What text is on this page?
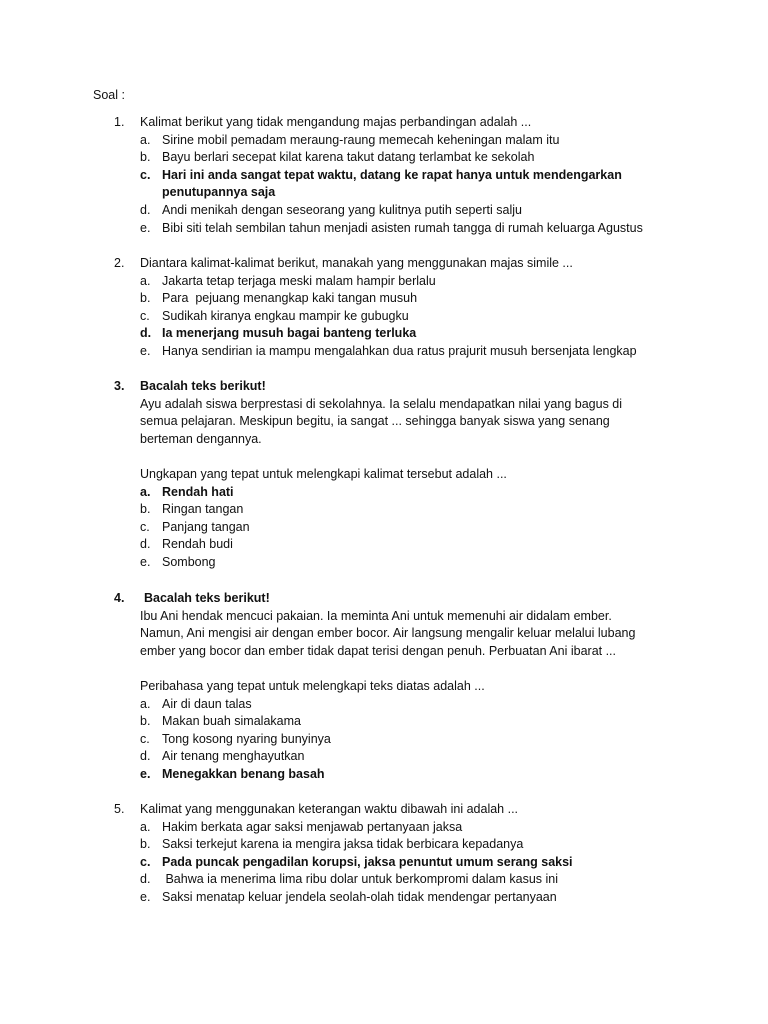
Soal :
1.	Kalimat berikut yang tidak mengandung majas perbandingan adalah ...
a. Sirine mobil pemadam meraung-raung memecah keheningan malam itu
b. Bayu berlari secepat kilat karena takut datang terlambat ke sekolah
c. Hari ini anda sangat tepat waktu, datang ke rapat hanya untuk mendengarkan penutupannya saja
d. Andi menikah dengan seseorang yang kulitnya putih seperti salju
e. Bibi siti telah sembilan tahun menjadi asisten rumah tangga di rumah keluarga Agustus
2.	Diantara kalimat-kalimat berikut, manakah yang menggunakan majas simile ...
a. Jakarta tetap terjaga meski malam hampir berlalu
b. Para  pejuang menangkap kaki tangan musuh
c. Sudikah kiranya engkau mampir ke gubugku
d. Ia menerjang musuh bagai banteng terluka
e. Hanya sendirian ia mampu mengalahkan dua ratus prajurit musuh bersenjata lengkap
3.	Bacalah teks berikut!
Ayu adalah siswa berprestasi di sekolahnya. Ia selalu mendapatkan nilai yang bagus di semua pelajaran. Meskipun begitu, ia sangat ... sehingga banyak siswa yang senang berteman dengannya.
Ungkapan yang tepat untuk melengkapi kalimat tersebut adalah ...
a. Rendah hati
b. Ringan tangan
c. Panjang tangan
d. Rendah budi
e. Sombong
4.	Bacalah teks berikut!
Ibu Ani hendak mencuci pakaian. Ia meminta Ani untuk memenuhi air didalam ember. Namun, Ani mengisi air dengan ember bocor. Air langsung mengalir keluar melalui lubang ember yang bocor dan ember tidak dapat terisi dengan penuh. Perbuatan Ani ibarat ...
Peribahasa yang tepat untuk melengkapi teks diatas adalah ...
a. Air di daun talas
b. Makan buah simalakama
c. Tong kosong nyaring bunyinya
d. Air tenang menghayutkan
e. Menegakkan benang basah
5.	Kalimat yang menggunakan keterangan waktu dibawah ini adalah ...
a. Hakim berkata agar saksi menjawab pertanyaan jaksa
b. Saksi terkejut karena ia mengira jaksa tidak berbicara kepadanya
c. Pada puncak pengadilan korupsi, jaksa penuntut umum serang saksi
d. Bahwa ia menerima lima ribu dolar untuk berkompromi dalam kasus ini
e. Saksi menatap keluar jendela seolah-olah tidak mendengar pertanyaan
